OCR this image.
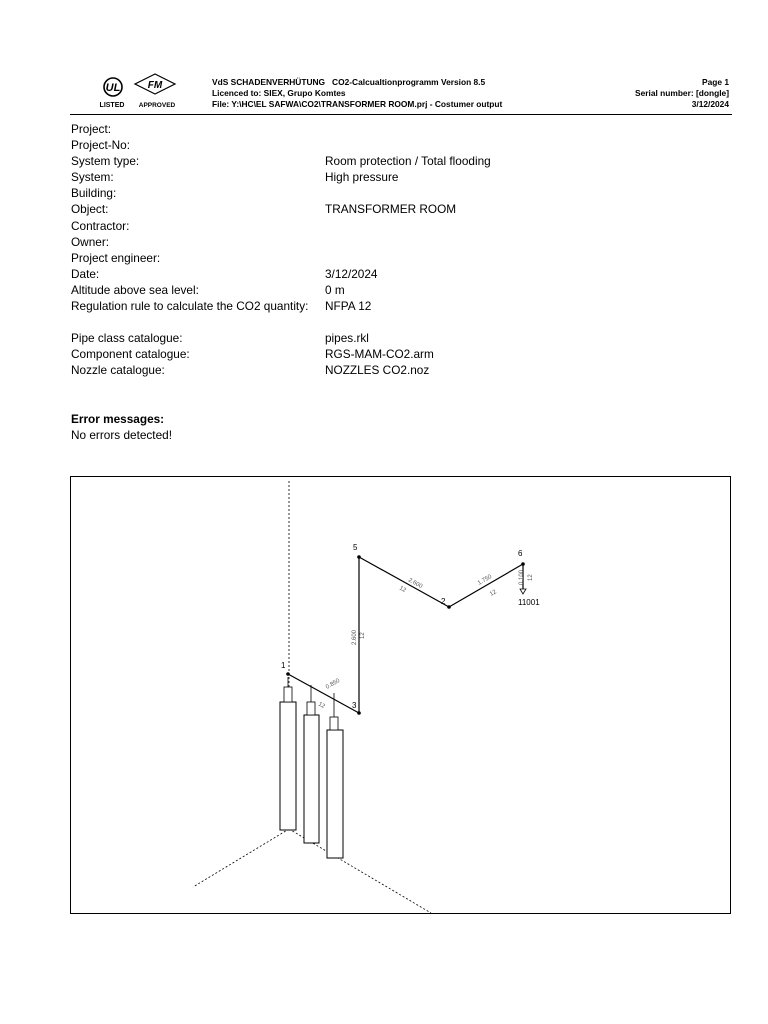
UL
LISTED
FM
APPROVED
VdS SCHADENVERHÜTUNG   CO2-Calcualtionprogramm Version 8.5
Licenced to: SIEX, Grupo Komtes
File: Y:\HC\EL SAFWA\CO2\TRANSFORMER ROOM.prj - Costumer output
Page 1
Serial number: [dongle]
3/12/2024
Project:
Project-No:
System type:	Room protection / Total flooding
System:	High pressure
Building:
Object:	TRANSFORMER ROOM
Contractor:
Owner:
Project engineer:
Date:	3/12/2024
Altitude above sea level:	0 m
Regulation rule to calculate the CO2 quantity: NFPA 12
Pipe class catalogue:	pipes.rkl
Component catalogue:	RGS-MAM-CO2.arm
Nozzle catalogue:	NOZZLES CO2.noz
Error messages:
No errors detected!
1
3
5
2
6
11001
2.600 12
2.600
12
1.750
12
0.100 12
0.850
12
